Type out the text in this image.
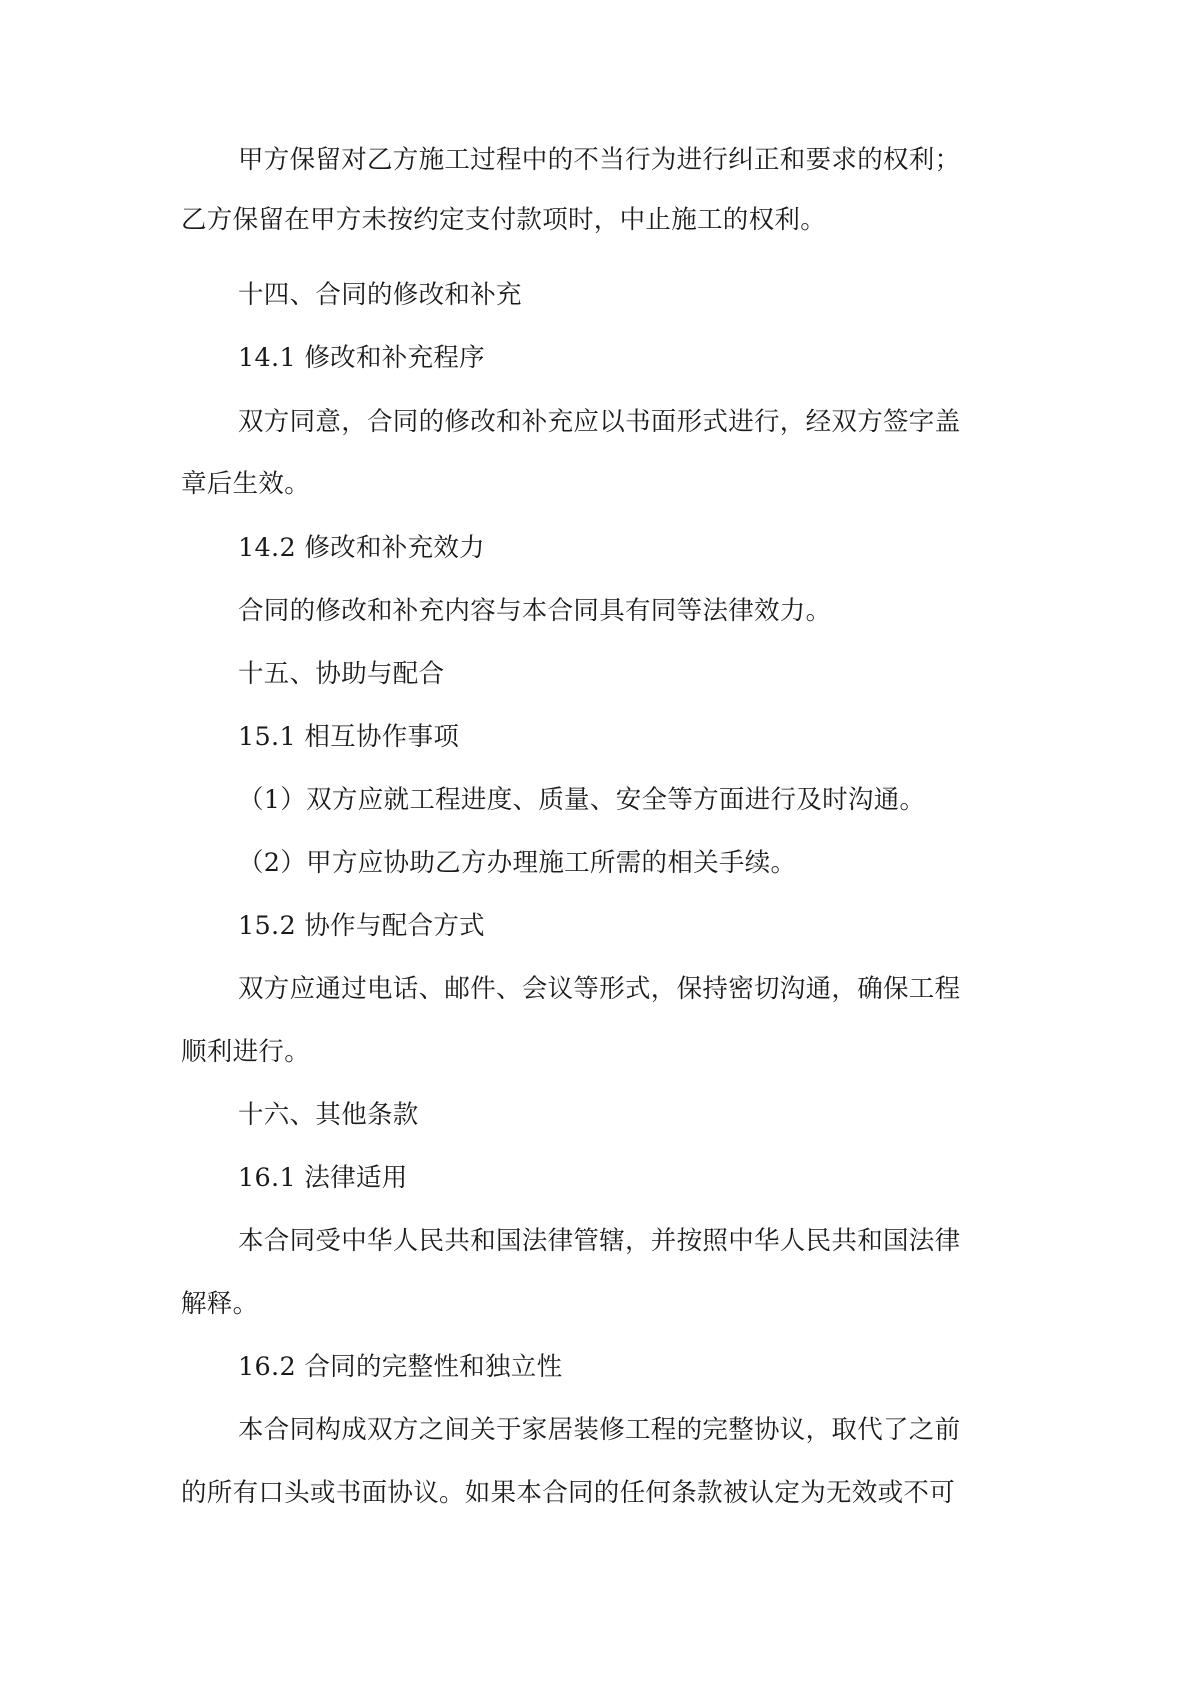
甲方保留对乙方施工过程中的不当行为进行纠正和要求的权利；

乙方保留在甲方未按约定支付款项时，中止施工的权利。

十四、合同的修改和补充

14.1 修改和补充程序

双方同意，合同的修改和补充应以书面形式进行，经双方签字盖

章后生效。

14.2 修改和补充效力

合同的修改和补充内容与本合同具有同等法律效力。

十五、协助与配合

15.1 相互协作事项

（1）双方应就工程进度、质量、安全等方面进行及时沟通。

（2）甲方应协助乙方办理施工所需的相关手续。

15.2 协作与配合方式

双方应通过电话、邮件、会议等形式，保持密切沟通，确保工程

顺利进行。

十六、其他条款

16.1 法律适用

本合同受中华人民共和国法律管辖，并按照中华人民共和国法律

解释。

16.2 合同的完整性和独立性

本合同构成双方之间关于家居装修工程的完整协议，取代了之前

的所有口头或书面协议。如果本合同的任何条款被认定为无效或不可
